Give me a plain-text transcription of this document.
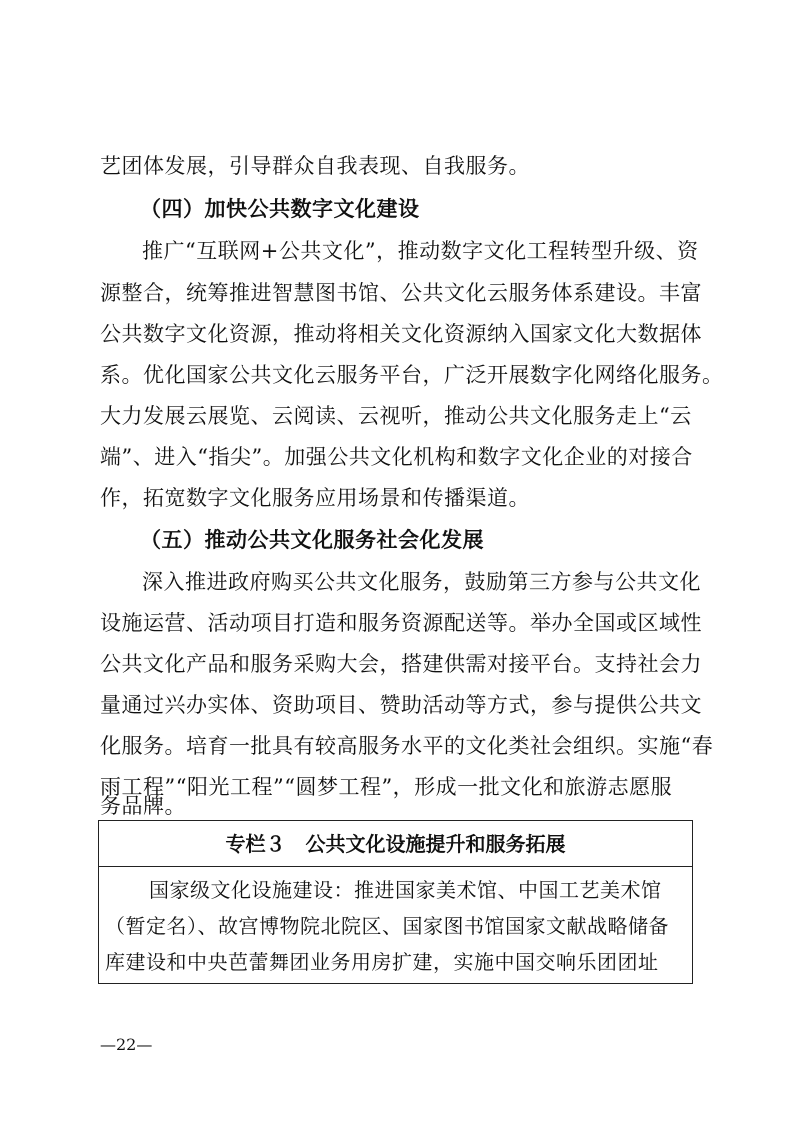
艺团体发展，引导群众自我表现、自我服务。
（四）加快公共数字文化建设
推广“互联网+公共文化”，推动数字文化工程转型升级、资
源整合，统筹推进智慧图书馆、公共文化云服务体系建设。丰富
公共数字文化资源，推动将相关文化资源纳入国家文化大数据体
系。优化国家公共文化云服务平台，广泛开展数字化网络化服务。
大力发展云展览、云阅读、云视听，推动公共文化服务走上“云
端”、进入“指尖”。加强公共文化机构和数字文化企业的对接合
作，拓宽数字文化服务应用场景和传播渠道。
（五）推动公共文化服务社会化发展
深入推进政府购买公共文化服务，鼓励第三方参与公共文化
设施运营、活动项目打造和服务资源配送等。举办全国或区域性
公共文化产品和服务采购大会，搭建供需对接平台。支持社会力
量通过兴办实体、资助项目、赞助活动等方式，参与提供公共文
化服务。培育一批具有较高服务水平的文化类社会组织。实施“春
雨工程”“阳光工程”“圆梦工程”，形成一批文化和旅游志愿服
务品牌。
专栏３　公共文化设施提升和服务拓展
国家级文化设施建设：推进国家美术馆、中国工艺美术馆
（暂定名）、故宫博物院北院区、国家图书馆国家文献战略储备
库建设和中央芭蕾舞团业务用房扩建，实施中国交响乐团团址
—22—
